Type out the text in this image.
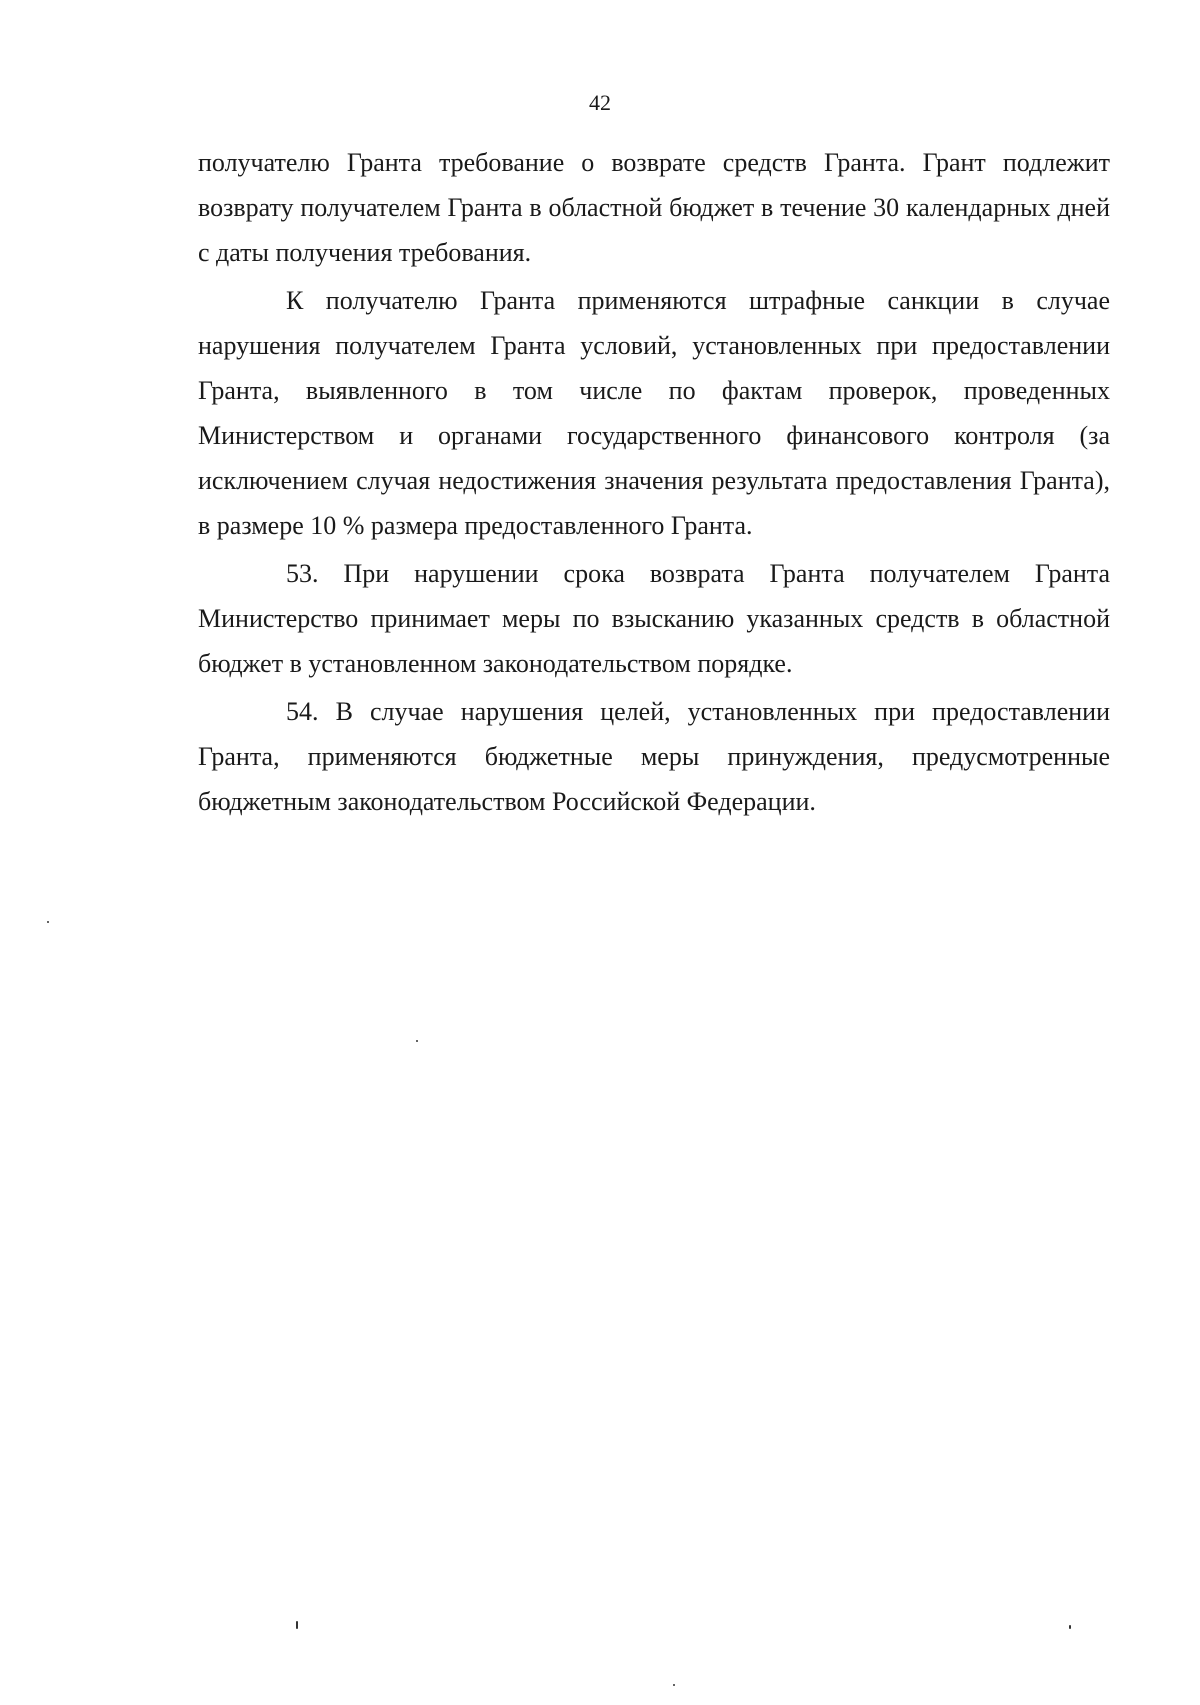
42

получателю Гранта требование о возврате средств Гранта. Грант подлежит возврату получателем Гранта в областной бюджет в течение 30 календарных дней с даты получения требования.

К получателю Гранта применяются штрафные санкции в случае нарушения получателем Гранта условий, установленных при предоставлении Гранта, выявленного в том числе по фактам проверок, проведенных Министерством и органами государственного финансового контроля (за исключением случая недостижения значения результата предоставления Гранта), в размере 10 % размера предоставленного Гранта.

53. При нарушении срока возврата Гранта получателем Гранта Министерство принимает меры по взысканию указанных средств в областной бюджет в установленном законодательством порядке.

54. В случае нарушения целей, установленных при предоставлении Гранта, применяются бюджетные меры принуждения, предусмотренные бюджетным законодательством Российской Федерации.
